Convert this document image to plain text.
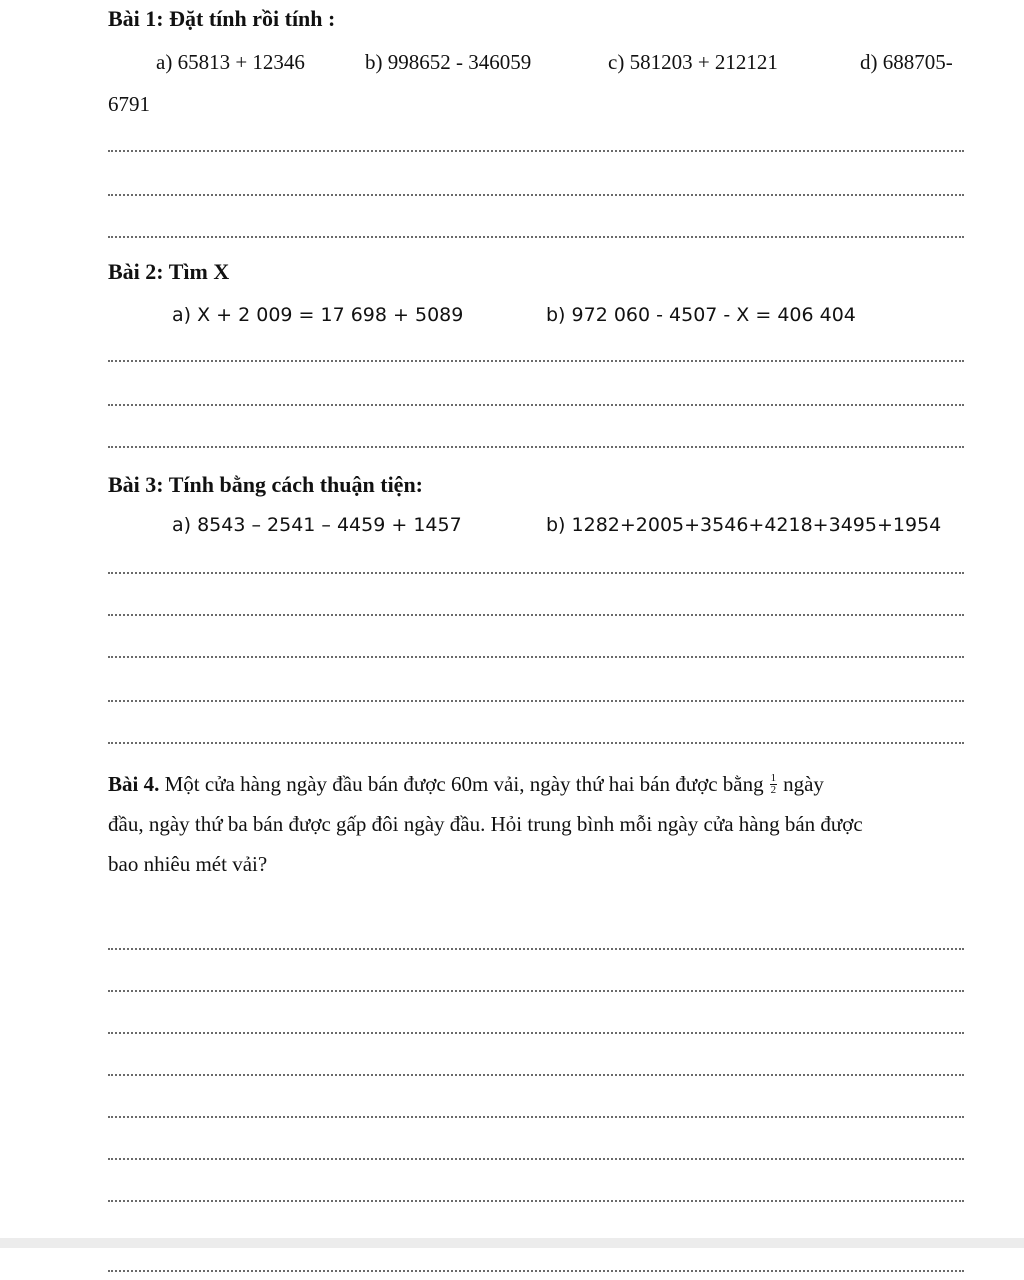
Bài 1: Đặt tính rồi tính :
a) 65813 + 12346	b) 998652 - 346059	c) 581203 + 212121	d) 688705-
6791
Bài 2: Tìm X
a) X + 2 009 = 17 698 + 5089	b) 972 060 - 4507 - X = 406 404
Bài 3: Tính bằng cách thuận tiện:
a) 8543 – 2541 – 4459 + 1457	b) 1282+2005+3546+4218+3495+1954
Bài 4. Một cửa hàng ngày đầu bán được 60m vải, ngày thứ hai bán được bằng $\frac{1}{2}$ ngày
đầu, ngày thứ ba bán được gấp đôi ngày đầu. Hỏi trung bình mỗi ngày cửa hàng bán được
bao nhiêu mét vải?
